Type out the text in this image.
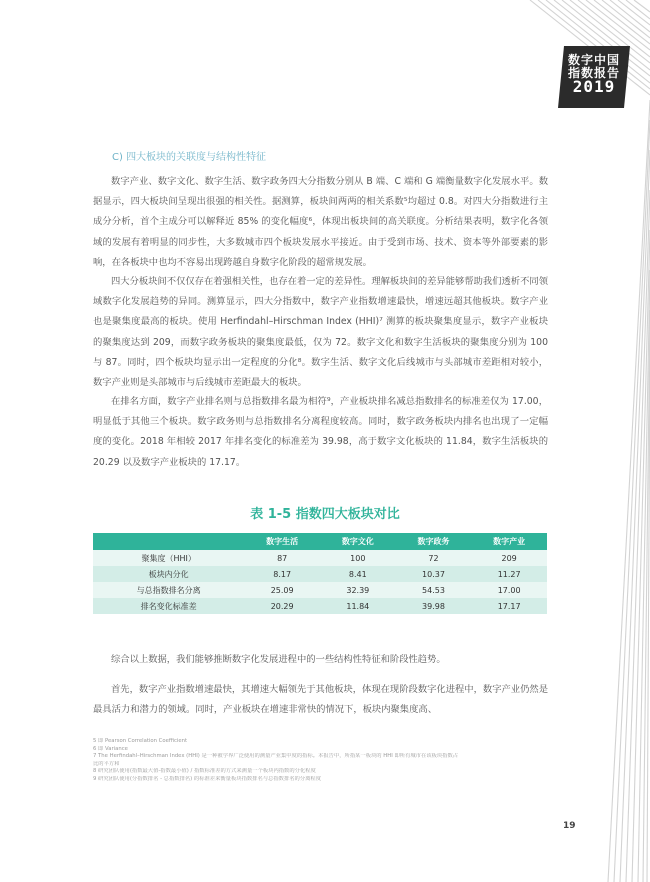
数字中国
指数报告
2019
C) 四大板块的关联度与结构性特征

数字产业、数字文化、数字生活、数字政务四大分指数分别从 B 端、C 端和 G 端衡量数字化发展水平。数据显示，四大板块间呈现出很强的相关性。据测算，板块间两两的相关系数⁵均超过 0.8。对四大分指数进行主成分分析，首个主成分可以解释近 85% 的变化幅度⁶，体现出板块间的高关联度。分析结果表明，数字化各领域的发展有着明显的同步性，大多数城市四个板块发展水平接近。由于受到市场、技术、资本等外部要素的影响，在各板块中也均不容易出现跨越自身数字化阶段的超常规发展。

四大分板块间不仅仅存在着强相关性，也存在着一定的差异性。理解板块间的差异能够帮助我们透析不同领域数字化发展趋势的异同。测算显示，四大分指数中，数字产业指数增速最快，增速远超其他板块。数字产业也是聚集度最高的板块。使用 Herfindahl–Hirschman Index (HHI)⁷ 测算的板块聚集度显示，数字产业板块的聚集度达到 209，而数字政务板块的聚集度最低，仅为 72。数字文化和数字生活板块的聚集度分别为 100 与 87。同时，四个板块均显示出一定程度的分化⁸。数字生活、数字文化后线城市与头部城市差距相对较小，数字产业则是头部城市与后线城市差距最大的板块。

在排名方面，数字产业排名则与总指数排名最为相符⁹，产业板块排名减总指数排名的标准差仅为 17.00，明显低于其他三个板块。数字政务则与总指数排名分离程度较高。同时，数字政务板块内排名也出现了一定幅度的变化。2018 年相较 2017 年排名变化的标准差为 39.98，高于数字文化板块的 11.84，数字生活板块的 20.29 以及数字产业板块的 17.17。

表 1-5 指数四大板块对比
	数字生活	数字文化	数字政务	数字产业
聚集度（HHI）	87	100	72	209
板块内分化	8.17	8.41	10.37	11.27
与总指数排名分离	25.09	32.39	54.53	17.00
排名变化标准差	20.29	11.84	39.98	17.17

综合以上数据，我们能够推断数字化发展进程中的一些结构性特征和阶段性趋势。

首先，数字产业指数增速最快，其增速大幅领先于其他板块，体现在现阶段数字化进程中，数字产业仍然是最具活力和潜力的领域。同时，产业板块在增速非常快的情况下，板块内聚集度高、

5 即 Pearson Correlation Coefficient
6 即 Variance
7 The Herfindahl–Hirschman Index (HHI) 是一种被学界广泛使用的测量产业集中度的指标。本报告中，所指某一板块的 HHI 即所有城市在该板块指数占
比的平方和
8 研究团队使用(指数最大值-指数最小值) / 指数标准差的方式来测量一个板块内指数的分化程度
9 研究团队使用(分指数排名 - 总指数排名) 的标准差来衡量板块指数排名与总指数排名的分离程度
19
